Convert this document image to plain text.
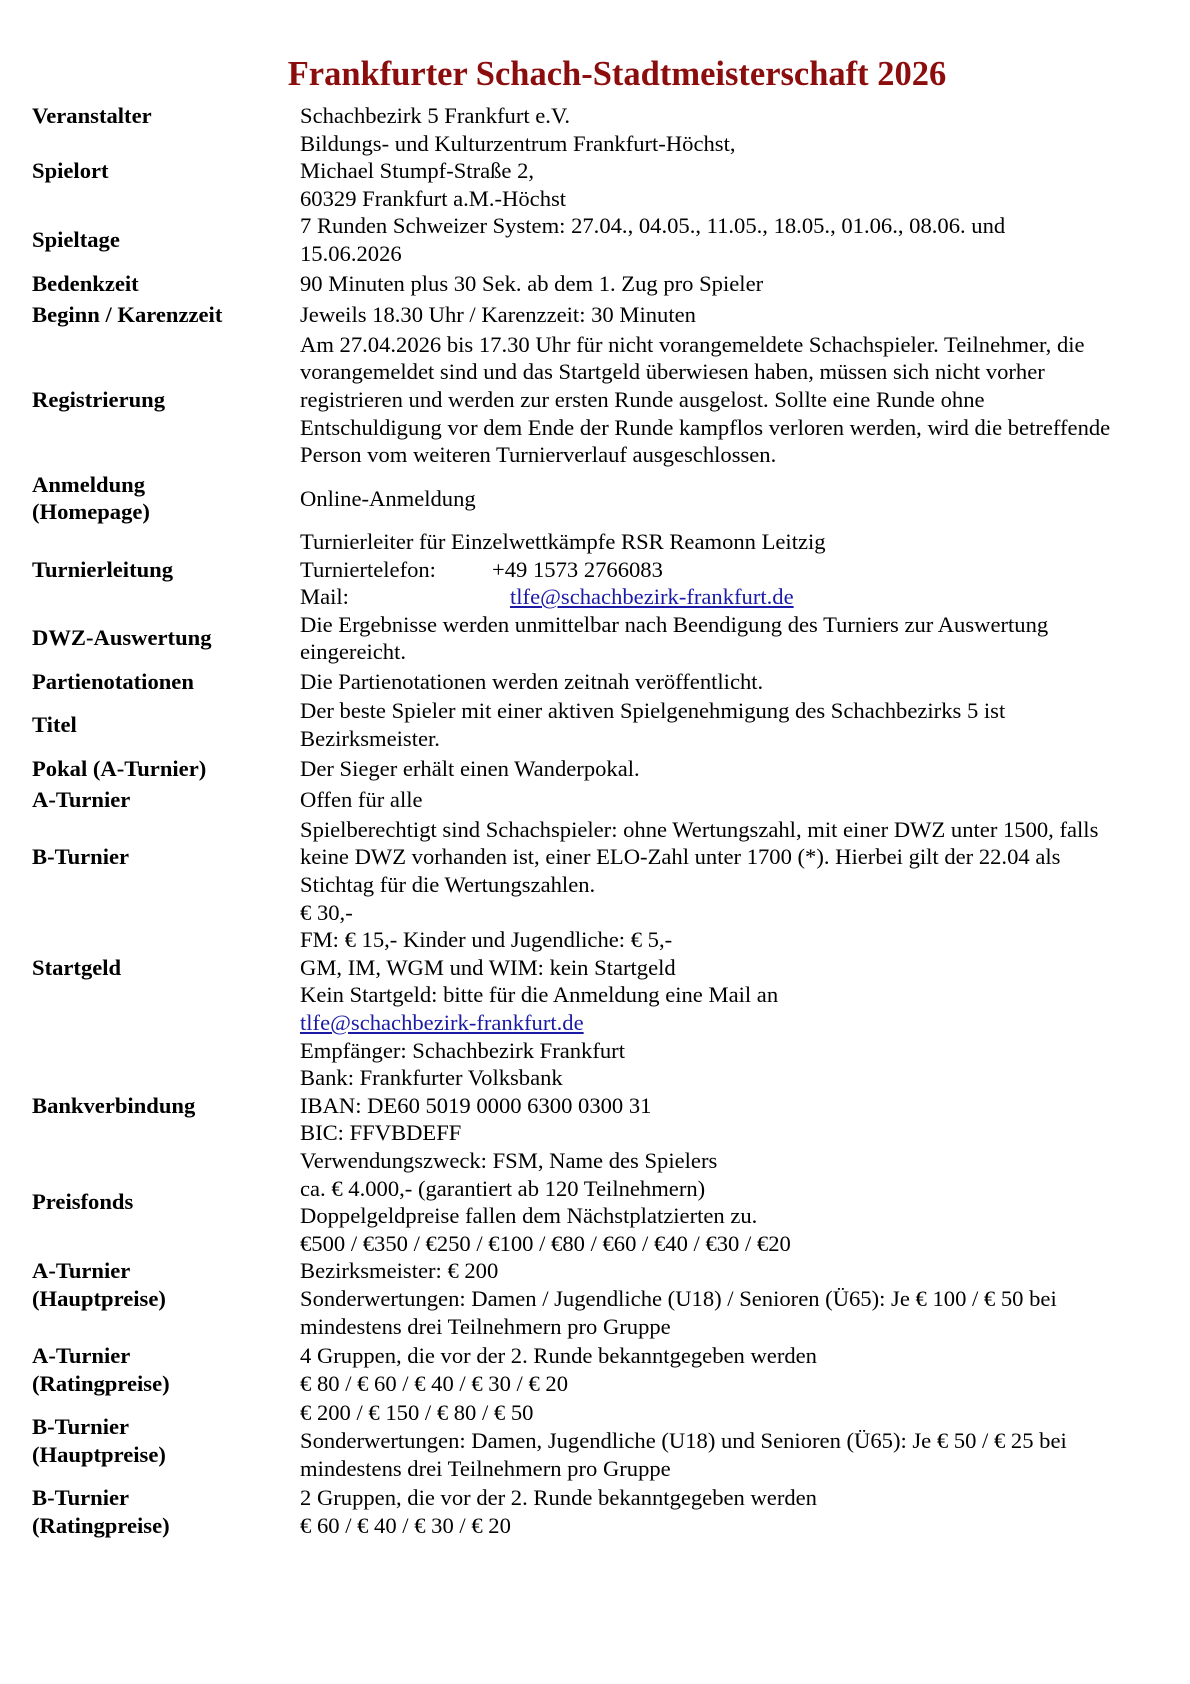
Frankfurter Schach-Stadtmeisterschaft 2026
Veranstalter	Schachbezirk 5 Frankfurt e.V.

Spielort	Bildungs- und Kulturzentrum Frankfurt-Höchst,
Michael Stumpf-Straße 2,
60329 Frankfurt a.M.-Höchst

Spieltage	7 Runden Schweizer System: 27.04., 04.05., 11.05., 18.05., 01.06., 08.06. und
15.06.2026

Bedenkzeit	90 Minuten plus 30 Sek. ab dem 1. Zug pro Spieler

Beginn / Karenzzeit	Jeweils 18.30 Uhr / Karenzzeit: 30 Minuten

Registrierung	Am 27.04.2026 bis 17.30 Uhr für nicht vorangemeldete Schachspieler. Teilnehmer, die
vorangemeldet sind und das Startgeld überwiesen haben, müssen sich nicht vorher
registrieren und werden zur ersten Runde ausgelost. Sollte eine Runde ohne
Entschuldigung vor dem Ende der Runde kampflos verloren werden, wird die betreffende
Person vom weiteren Turnierverlauf ausgeschlossen.

Anmeldung
(Homepage)	Online-Anmeldung

Turnierleitung	Turnierleiter für Einzelwettkämpfe RSR Reamonn Leitzig
Turniertelefon: +49 1573 2766083
Mail: tlfe@schachbezirk-frankfurt.de

DWZ-Auswertung	Die Ergebnisse werden unmittelbar nach Beendigung des Turniers zur Auswertung
eingereicht.

Partienotationen	Die Partienotationen werden zeitnah veröffentlicht.

Titel	Der beste Spieler mit einer aktiven Spielgenehmigung des Schachbezirks 5 ist
Bezirksmeister.

Pokal (A-Turnier)	Der Sieger erhält einen Wanderpokal.

A-Turnier	Offen für alle

B-Turnier	Spielberechtigt sind Schachspieler: ohne Wertungszahl, mit einer DWZ unter 1500, falls
keine DWZ vorhanden ist, einer ELO-Zahl unter 1700 (*). Hierbei gilt der 22.04 als
Stichtag für die Wertungszahlen.

Startgeld	€ 30,-
FM: € 15,- Kinder und Jugendliche: € 5,-
GM, IM, WGM und WIM: kein Startgeld
Kein Startgeld: bitte für die Anmeldung eine Mail an
tlfe@schachbezirk-frankfurt.de

Bankverbindung	Empfänger: Schachbezirk Frankfurt
Bank: Frankfurter Volksbank
IBAN: DE60 5019 0000 6300 0300 31
BIC: FFVBDEFF
Verwendungszweck: FSM, Name des Spielers

Preisfonds	ca. € 4.000,- (garantiert ab 120 Teilnehmern)
Doppelgeldpreise fallen dem Nächstplatzierten zu.

A-Turnier
(Hauptpreise)	€500 / €350 / €250 / €100 / €80 / €60 / €40 / €30 / €20
Bezirksmeister: € 200
Sonderwertungen: Damen / Jugendliche (U18) / Senioren (Ü65): Je € 100 / € 50 bei
mindestens drei Teilnehmern pro Gruppe

A-Turnier
(Ratingpreise)	4 Gruppen, die vor der 2. Runde bekanntgegeben werden
€ 80 / € 60 / € 40 / € 30 / € 20

B-Turnier
(Hauptpreise)	€ 200 / € 150 / € 80 / € 50
Sonderwertungen: Damen, Jugendliche (U18) und Senioren (Ü65): Je € 50 / € 25 bei
mindestens drei Teilnehmern pro Gruppe

B-Turnier
(Ratingpreise)	2 Gruppen, die vor der 2. Runde bekanntgegeben werden
€ 60 / € 40 / € 30 / € 20
